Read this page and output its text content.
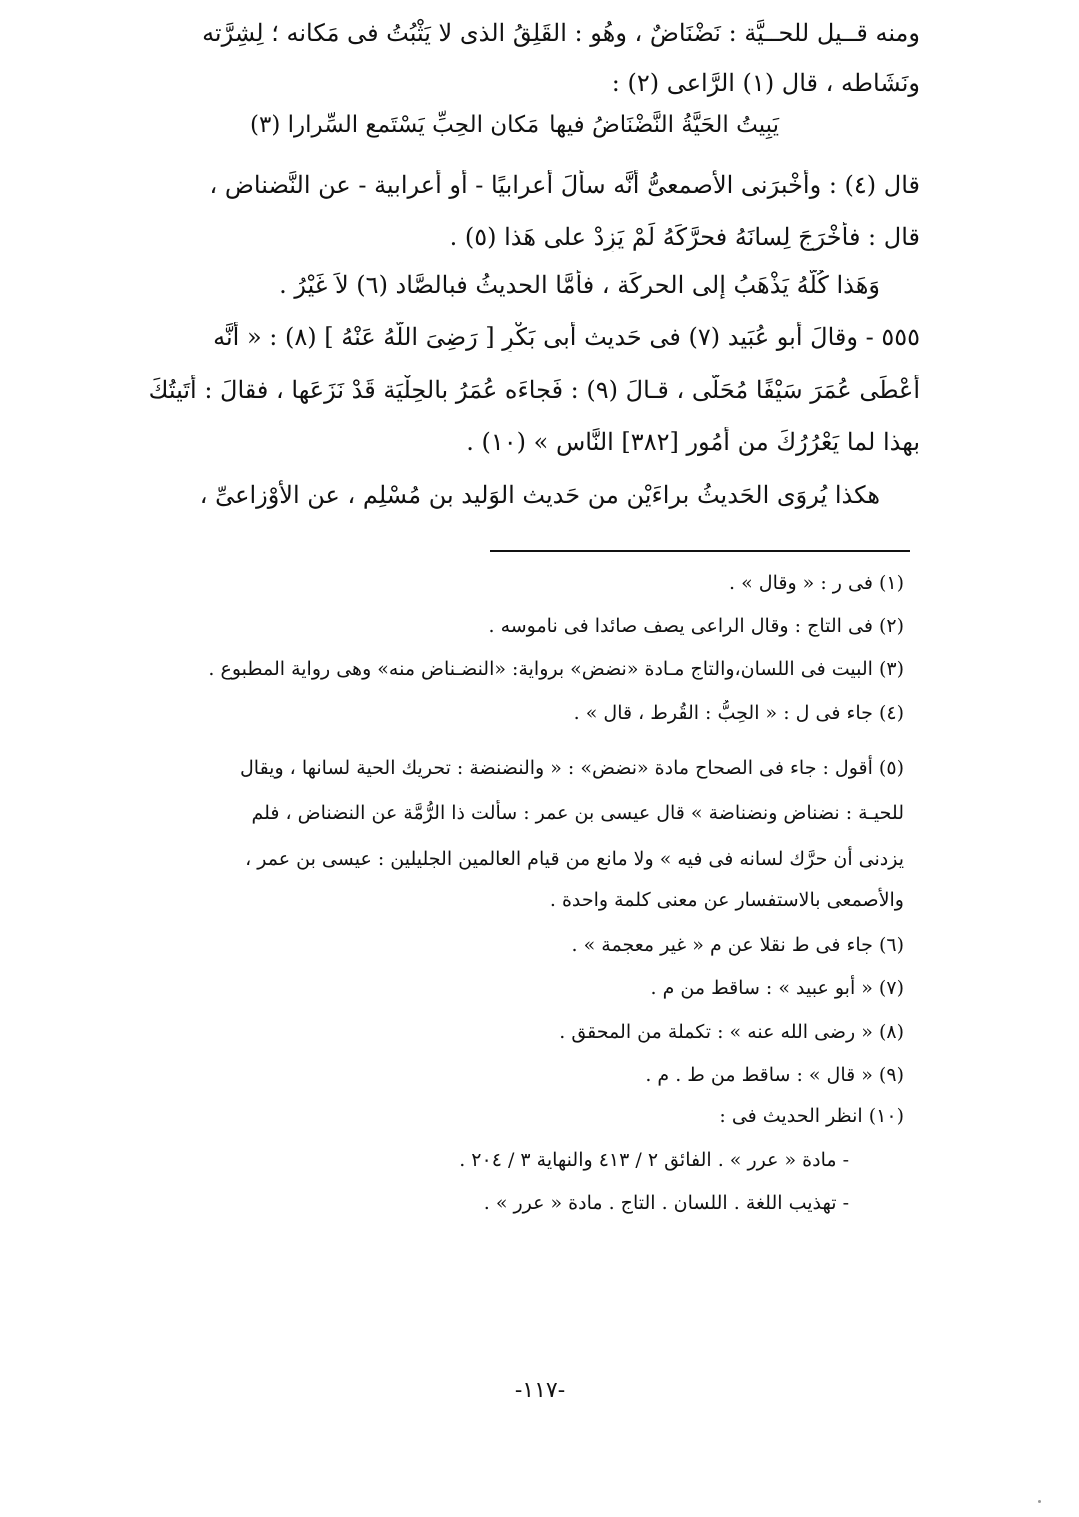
ومنه قــيل للحــيَّة : نَضْنَاضٌ ، وهُو : القَلِقُ الذى لا يَثْبُتُ فى مَكانه ؛ لِشِرَّته
ونَشَاطه ، قال (١) الرَّاعى (٢) :
يَبِيتُ الحَيَّةُ النَّضْنَاضُ فيها
مَكان الحِبِّ يَسْتَمع السِّرارا (٣)
قال (٤) : وأخْبرَنى الأصمعىُّ أنَّه سألَ أعرابيًا - أو أعرابية - عن النَّضناض ،
قال : فأخْرَجَ لِسانَهُ فحرَّكَهُ لَمْ يَزِدْ على هَذا (٥) .
وَهَذا كُلُّهُ يَذْهَبُ إلى الحركَة ، فأمَّا الحديثُ فبالصَّاد (٦) لاَ غَيْرُ .
٥٥٥ - وقالَ أبو عُبَيد (٧) فى حَديث أبى بَكْرٍ [ رَضِىَ اللَّهُ عَنْهُ ] (٨) : « أنَّه
أعْطَى عُمَرَ سَيْفًا مُحَلًّى ، قـالَ (٩) : فَجاءَه عُمَرُ بالحِلْيَة قَدْ نَزَعَها ، فقالَ : أتَيتُكَ
بهذا لما يَعْرُرُكَ من أمُور [٣٨٢] النَّاس » (١٠) .
هكذا يُروَى الحَديثُ براءَيْن من حَديث الوَليد بن مُسْلِمٍ ، عن الأوْزاعىِّ ،
(١) فى ر : « وقال » .
(٢) فى التاج : وقال الراعى يصف صائدا فى ناموسه .
(٣) البيت فى اللسان،والتاج مـادة «نضض» برواية: «النضـناض منه» وهى رواية المطبوع .
(٤) جاء فى ل : « الحِبُّ : القُرط ، قال » .
(٥) أقول : جاء فى الصحاح مادة «نضض» : « والنضنضة : تحريك الحية لسانها ، ويقال
للحيـة : نضناض ونضناضة » قال عيسى بن عمر : سألت ذا الرُّمَّة عن النضناض ، فلم
يزدنى أن حرَّك لسانه فى فيه » ولا مانع من قيام العالمين الجليلين : عيسى بن عمر ،
والأصمعى بالاستفسار عن معنى كلمة واحدة .
(٦) جاء فى ط نقلا عن م « غير معجمة » .
(٧) « أبو عبيد » : ساقط من م .
(٨) « رضى الله عنه » : تكملة من المحقق .
(٩) « قال » : ساقط من ط . م .
(١٠) انظر الحديث فى :
- مادة « عرر » . الفائق ٢ / ٤١٣ والنهاية ٣ / ٢٠٤ .
- تهذيب اللغة . اللسان . التاج . مادة « عرر » .
-١١٧-
